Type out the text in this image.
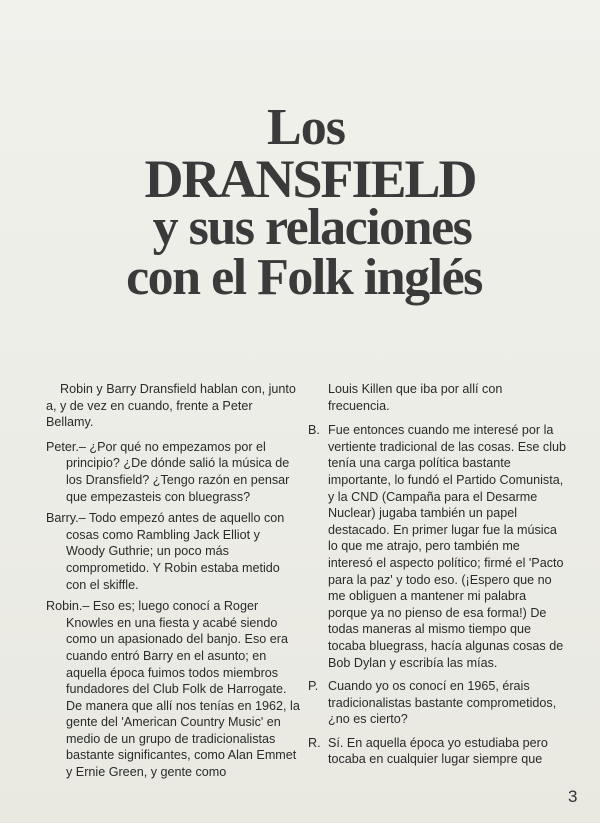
Los
DRANSFIELD
y sus relaciones
con el Folk inglés

Robin y Barry Dransfield hablan con, junto a, y de vez en cuando, frente a Peter Bellamy.

Peter.– ¿Por qué no empezamos por el principio? ¿De dónde salió la música de los Dransfield? ¿Tengo razón en pensar que empezasteis con bluegrass?

Barry.– Todo empezó antes de aquello con cosas como Rambling Jack Elliot y Woody Guthrie; un poco más comprometido. Y Robin estaba metido con el skiffle.

Robin.– Eso es; luego conocí a Roger Knowles en una fiesta y acabé siendo como un apasionado del banjo. Eso era cuando entró Barry en el asunto; en aquella época fuimos todos miembros fundadores del Club Folk de Harrogate. De manera que allí nos tenías en 1962, la gente del 'American Country Music' en medio de un grupo de tradicionalistas bastante significantes, como Alan Emmet y Ernie Green, y gente como

Louis Killen que iba por allí con frecuencia.

B. Fue entonces cuando me interesé por la vertiente tradicional de las cosas. Ese club tenía una carga política bastante importante, lo fundó el Partido Comunista, y la CND (Campaña para el Desarme Nuclear) jugaba también un papel destacado. En primer lugar fue la música lo que me atrajo, pero también me interesó el aspecto político; firmé el 'Pacto para la paz' y todo eso. (¡Espero que no me obliguen a mantener mi palabra porque ya no pienso de esa forma!) De todas maneras al mismo tiempo que tocaba bluegrass, hacía algunas cosas de Bob Dylan y escribía las mías.
P. Cuando yo os conocí en 1965, érais tradicionalistas bastante comprometidos, ¿no es cierto?
R. Sí. En aquella época yo estudiaba pero tocaba en cualquier lugar siempre que
3
